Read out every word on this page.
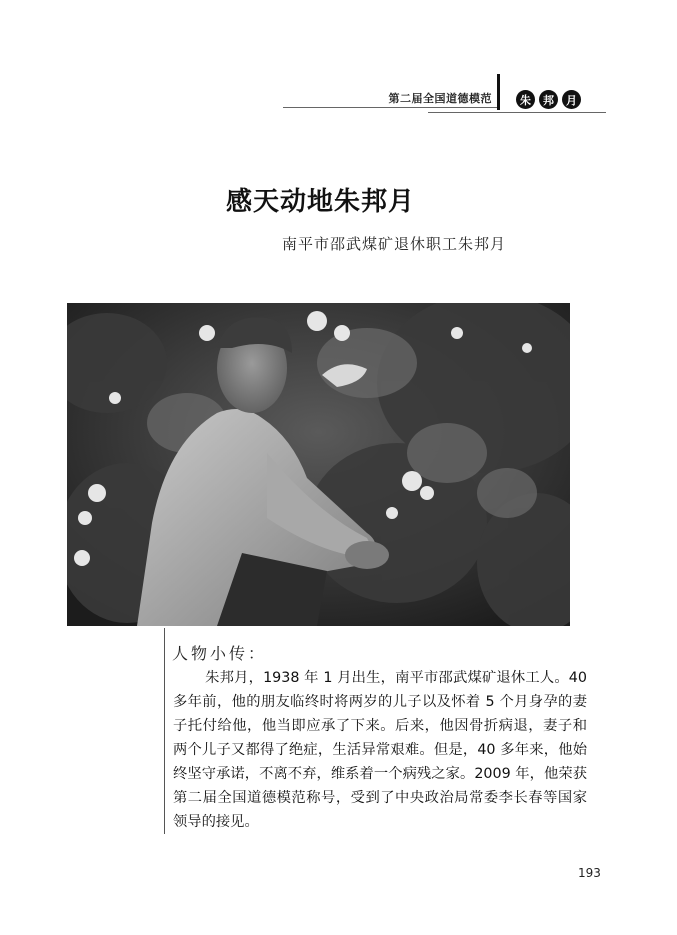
第二届全国道德模范	朱	邦	月
感天动地朱邦月
南平市邵武煤矿退休职工朱邦月
人物小传：

朱邦月，1938 年 1 月出生，南平市邵武煤矿退休工人。40 多年前，他的朋友临终时将两岁的儿子以及怀着 5 个月身孕的妻子托付给他，他当即应承了下来。后来，他因骨折病退，妻子和两个儿子又都得了绝症，生活异常艰难。但是，40 多年来，他始终坚守承诺，不离不弃，维系着一个病残之家。2009 年，他荣获第二届全国道德模范称号，受到了中央政治局常委李长春等国家领导的接见。

193
